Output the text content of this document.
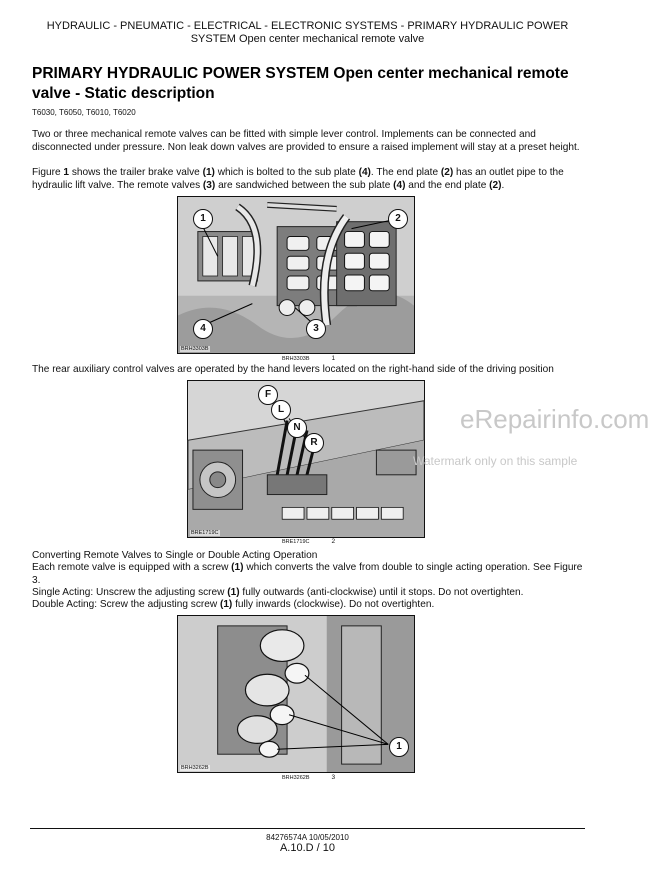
HYDRAULIC - PNEUMATIC - ELECTRICAL - ELECTRONIC SYSTEMS - PRIMARY HYDRAULIC POWER
SYSTEM Open center mechanical remote valve
PRIMARY HYDRAULIC POWER SYSTEM Open center mechanical remote valve - Static description
T6030, T6050, T6010, T6020
Two or three mechanical remote valves can be fitted with simple lever control. Implements can be connected and disconnected under pressure. Non leak down valves are provided to ensure a raised implement will stay at a preset height.
Figure 1 shows the trailer brake valve (1) which is bolted to the sub plate (4). The end plate (2) has an outlet pipe to the hydraulic lift valve. The remote valves (3) are sandwiched between the sub plate (4) and the end plate (2).
BRH3303B
1	2
3
4
BRH3303B	1
The rear auxiliary control valves are operated by the hand levers located on the right-hand side of the driving position
BRE1719C
F
L
N
R
BRE1719C	2
eRepairinfo.com
Watermark only on this sample
Converting Remote Valves to Single or Double Acting Operation
Each remote valve is equipped with a screw (1) which converts the valve from double to single acting operation. See Figure 3.
Single Acting: Unscrew the adjusting screw (1) fully outwards (anti-clockwise) until it stops. Do not overtighten.
Double Acting: Screw the adjusting screw (1) fully inwards (clockwise). Do not overtighten.
BRH3262B
1
BRH3262B	3
84276574A 10/05/2010
A.10.D / 10
